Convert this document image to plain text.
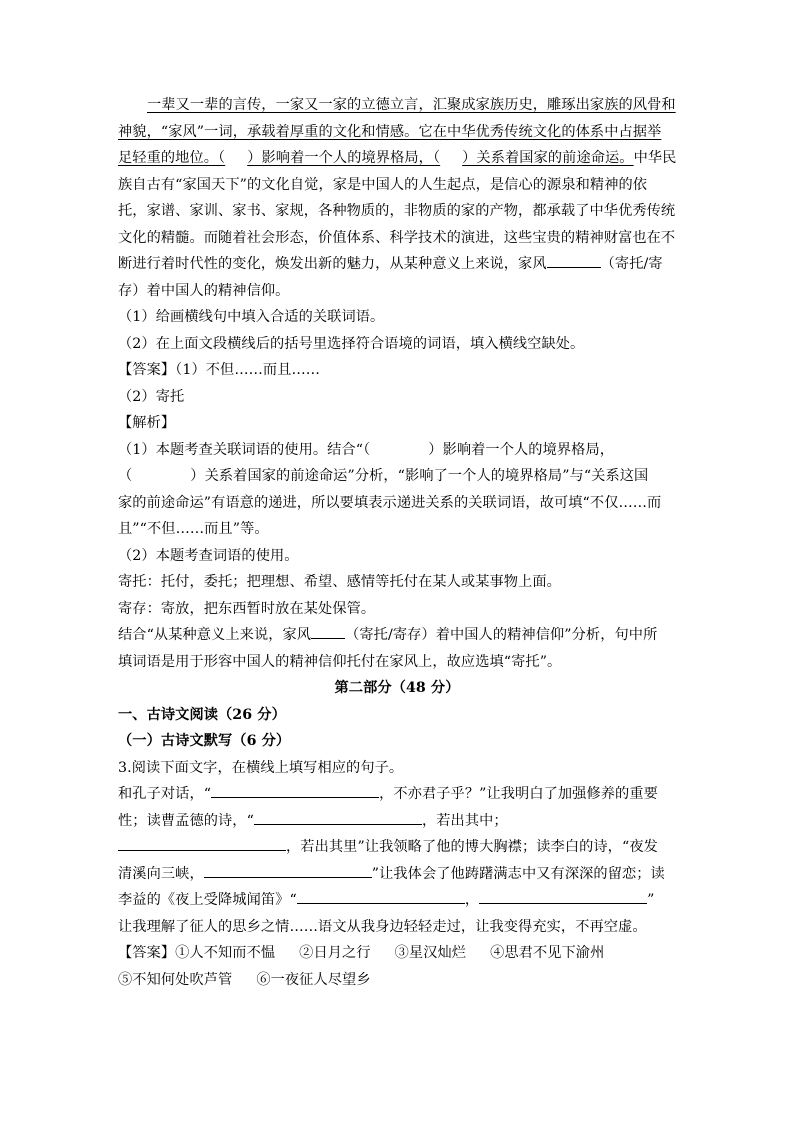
一辈又一辈的言传，一家又一家的立德立言，汇聚成家族历史，雕琢出家族的风骨和
神貌，“家风”一词，承载着厚重的文化和情感。它在中华优秀传统文化的体系中占据举
足轻重的地位。（ ）影响着一个人的境界格局，（ ）关系着国家的前途命运。中华民
族自古有“家国天下”的文化自觉，家是中国人的人生起点，是信心的源泉和精神的依
托，家谱、家训、家书、家规，各种物质的，非物质的家的产物，都承载了中华优秀传统
文化的精髓。而随着社会形态，价值体系、科学技术的演进，这些宝贵的精神财富也在不
断进行着时代性的变化，焕发出新的魅力，从某种意义上来说，家风	（寄托/寄
存）着中国人的精神信仰。
（1）给画横线句中填入合适的关联词语。
（2）在上面文段横线后的括号里选择符合语境的词语，填入横线空缺处。
【答案】（1）不但……而且……
（2）寄托
【解析】
（1）本题考查关联词语的使用。结合“（	）影响着一个人的境界格局，
（	）关系着国家的前途命运”分析，“影响了一个人的境界格局”与“关系这国
家的前途命运”有语意的递进，所以要填表示递进关系的关联词语，故可填“不仅……而
且”“不但……而且”等。
（2）本题考查词语的使用。
寄托：托付，委托；把理想、希望、感情等托付在某人或某事物上面。
寄存：寄放，把东西暂时放在某处保管。
结合“从某种意义上来说，家风 （寄托/寄存）着中国人的精神信仰”分析，句中所
填词语是用于形容中国人的精神信仰托付在家风上，故应选填“寄托”。
第二部分（48 分）
一、古诗文阅读（26 分）
（一）古诗文默写（6 分）
3.阅读下面文字，在横线上填写相应的句子。
和孔子对话，“	，不亦君子乎？”让我明白了加强修养的重要
性；读曹孟德的诗，“	，若出其中；
，若出其里”让我领略了他的博大胸襟；读李白的诗，“夜发
清溪向三峡，	”让我体会了他踌躇满志中又有深深的留恋；读
李益的《夜上受降城闻笛》“	，	”
让我理解了征人的思乡之情……语文从我身边轻轻走过，让我变得充实，不再空虚。
【答案】①人不知而不愠 ②日月之行 ③星汉灿烂 ④思君不见下渝州
⑤不知何处吹芦管 ⑥一夜征人尽望乡
